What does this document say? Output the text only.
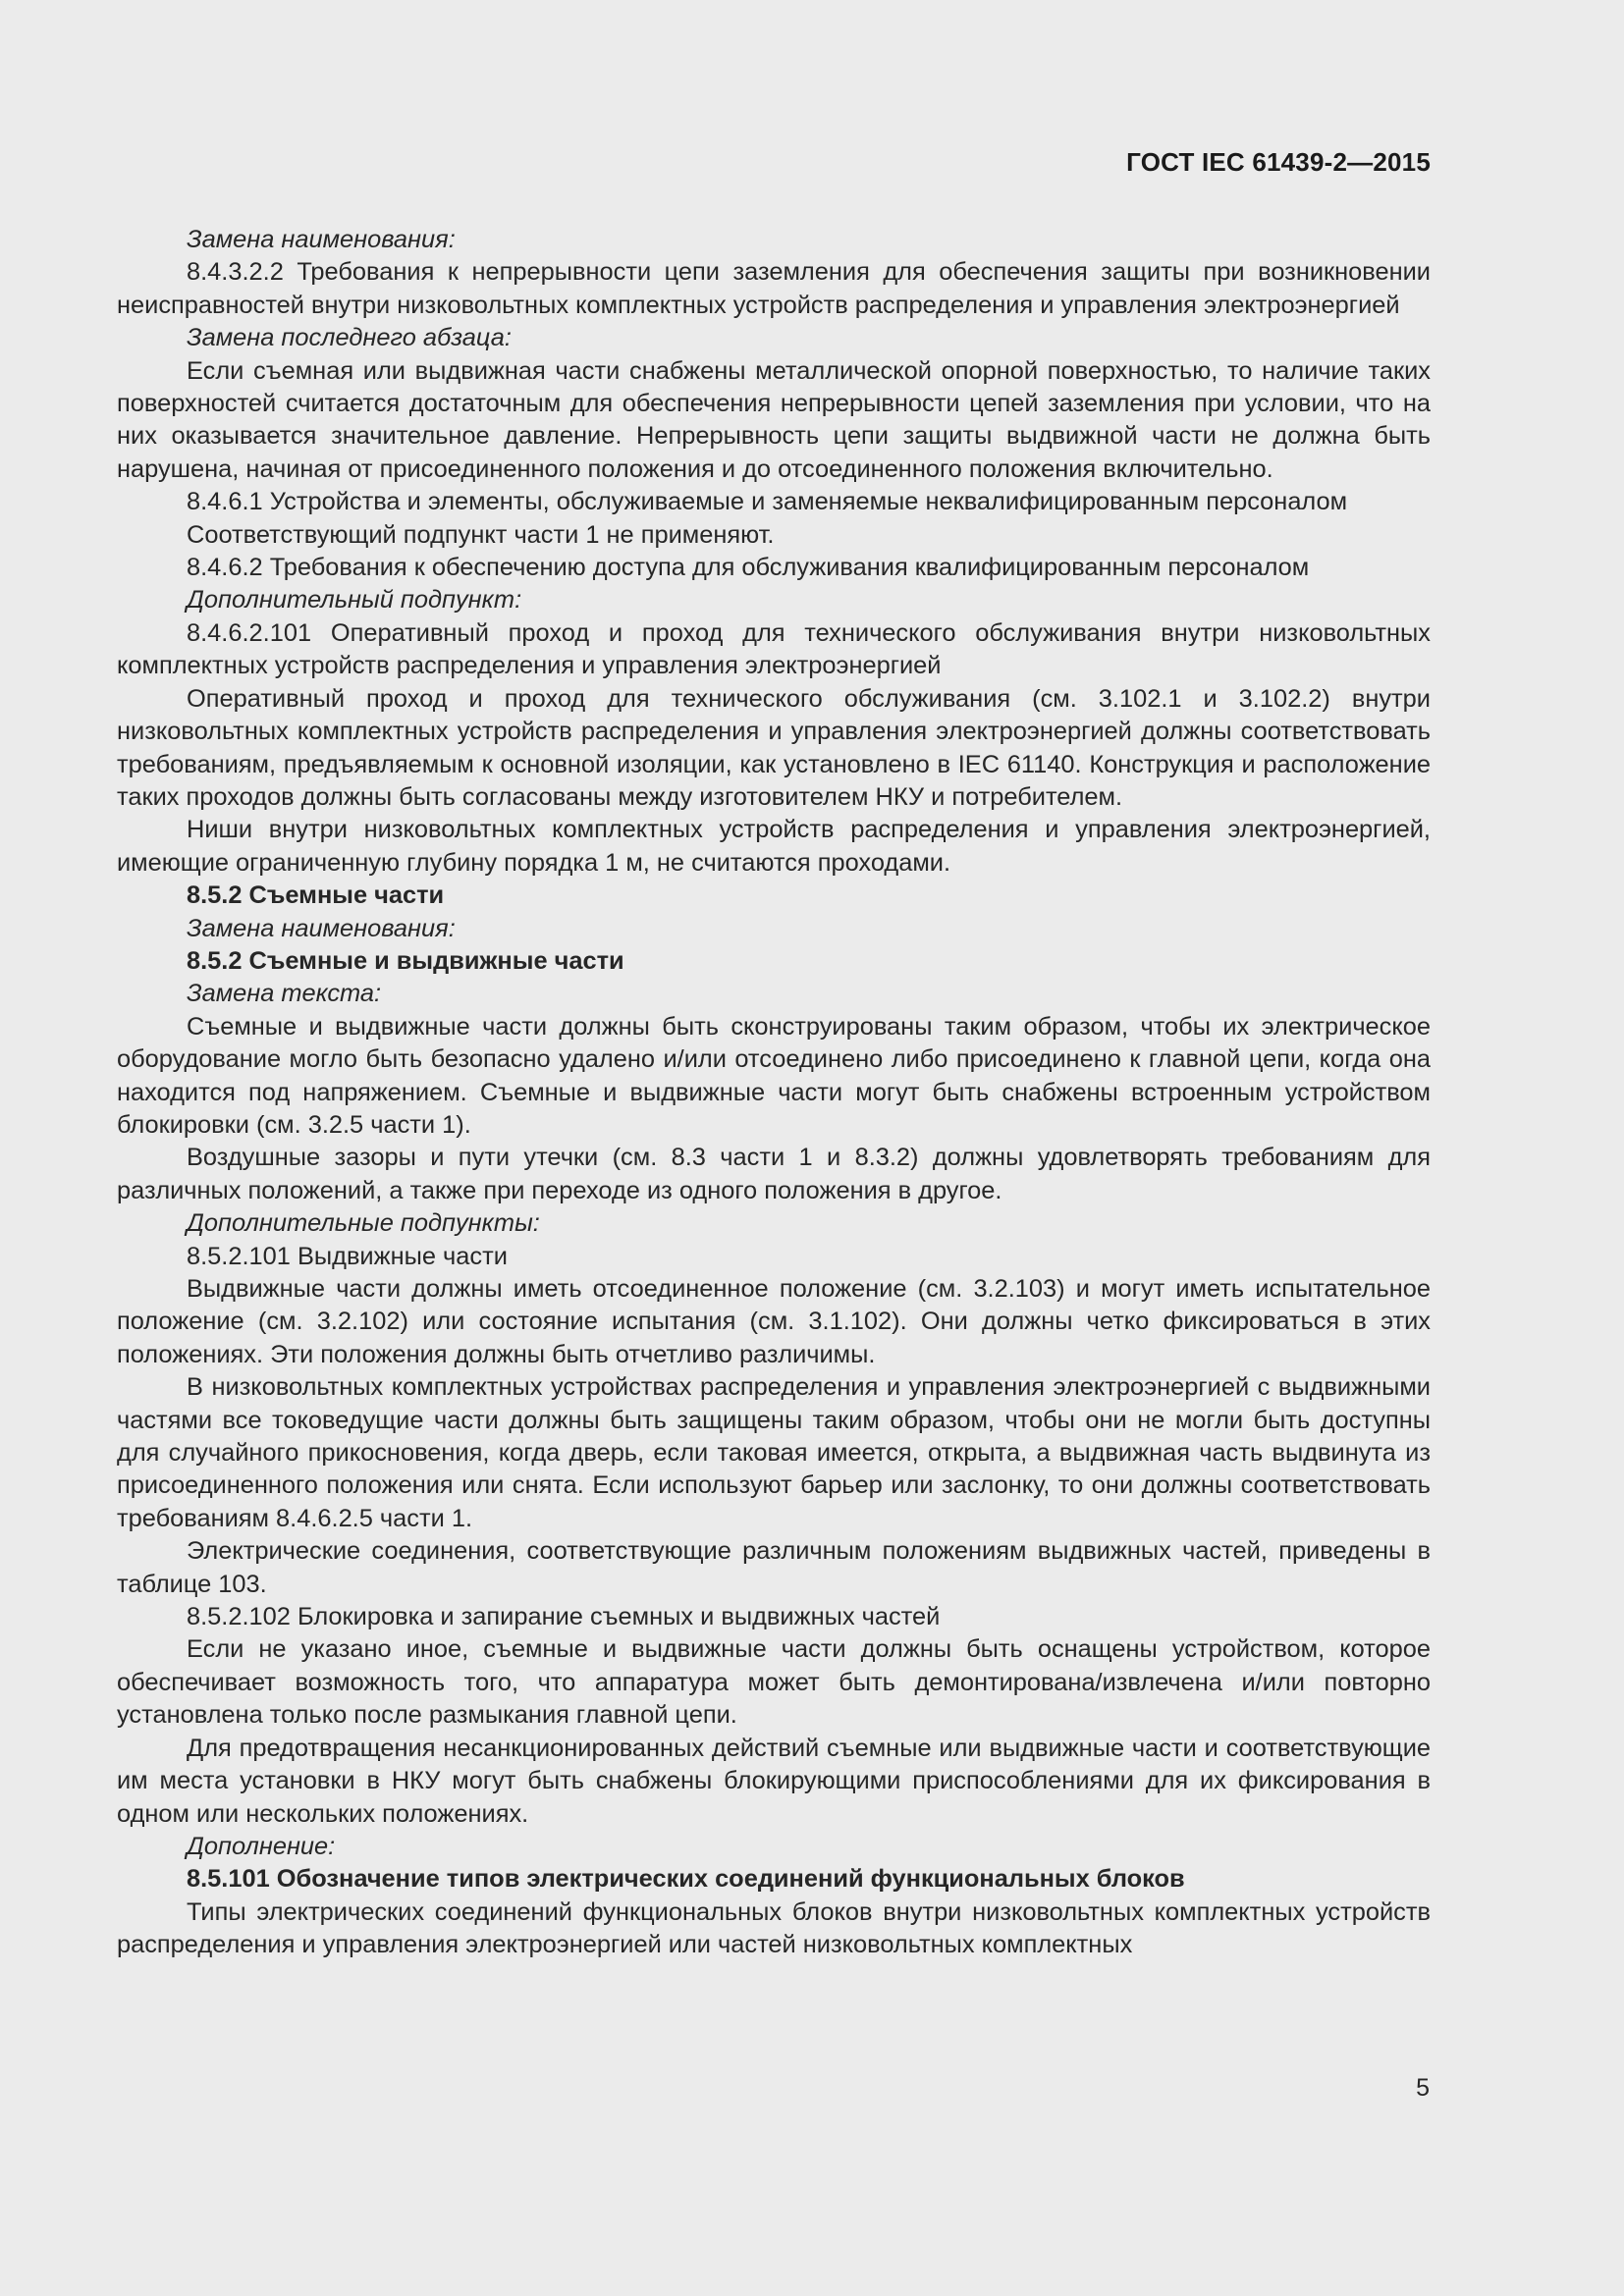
ГОСТ IEC 61439-2—2015

Замена наименования:

8.4.3.2.2 Требования к непрерывности цепи заземления для обеспечения защиты при возникновении неисправностей внутри низковольтных комплектных устройств распределения и управления электроэнергией

Замена последнего абзаца:

Если съемная или выдвижная части снабжены металлической опорной поверхностью, то наличие таких поверхностей считается достаточным для обеспечения непрерывности цепей заземления при условии, что на них оказывается значительное давление. Непрерывность цепи защиты выдвижной части не должна быть нарушена, начиная от присоединенного положения и до отсоединенного положения включительно.

8.4.6.1 Устройства и элементы, обслуживаемые и заменяемые неквалифицированным персоналом

Соответствующий подпункт части 1 не применяют.

8.4.6.2 Требования к обеспечению доступа для обслуживания квалифицированным персоналом

Дополнительный подпункт:

8.4.6.2.101 Оперативный проход и проход для технического обслуживания внутри низковольтных комплектных устройств распределения и управления электроэнергией

Оперативный проход и проход для технического обслуживания (см. 3.102.1 и 3.102.2) внутри низковольтных комплектных устройств распределения и управления электроэнергией должны соответствовать требованиям, предъявляемым к основной изоляции, как установлено в IEC 61140. Конструкция и расположение таких проходов должны быть согласованы между изготовителем НКУ и потребителем.

Ниши внутри низковольтных комплектных устройств распределения и управления электроэнергией, имеющие ограниченную глубину порядка 1 м, не считаются проходами.

8.5.2 Съемные части

Замена наименования:

8.5.2 Съемные и выдвижные части

Замена текста:

Съемные и выдвижные части должны быть сконструированы таким образом, чтобы их электрическое оборудование могло быть безопасно удалено и/или отсоединено либо присоединено к главной цепи, когда она находится под напряжением. Съемные и выдвижные части могут быть снабжены встроенным устройством блокировки (см. 3.2.5 части 1).

Воздушные зазоры и пути утечки (см. 8.3 части 1 и 8.3.2) должны удовлетворять требованиям для различных положений, а также при переходе из одного положения в другое.

Дополнительные подпункты:

8.5.2.101 Выдвижные части

Выдвижные части должны иметь отсоединенное положение (см. 3.2.103) и могут иметь испытательное положение (см. 3.2.102) или состояние испытания (см. 3.1.102). Они должны четко фиксироваться в этих положениях. Эти положения должны быть отчетливо различимы.

В низковольтных комплектных устройствах распределения и управления электроэнергией с выдвижными частями все токоведущие части должны быть защищены таким образом, чтобы они не могли быть доступны для случайного прикосновения, когда дверь, если таковая имеется, открыта, а выдвижная часть выдвинута из присоединенного положения или снята. Если используют барьер или заслонку, то они должны соответствовать требованиям 8.4.6.2.5 части 1.

Электрические соединения, соответствующие различным положениям выдвижных частей, приведены в таблице 103.

8.5.2.102 Блокировка и запирание съемных и выдвижных частей

Если не указано иное, съемные и выдвижные части должны быть оснащены устройством, которое обеспечивает возможность того, что аппаратура может быть демонтирована/извлечена и/или повторно установлена только после размыкания главной цепи.

Для предотвращения несанкционированных действий съемные или выдвижные части и соответствующие им места установки в НКУ могут быть снабжены блокирующими приспособлениями для их фиксирования в одном или нескольких положениях.

Дополнение:

8.5.101 Обозначение типов электрических соединений функциональных блоков

Типы электрических соединений функциональных блоков внутри низковольтных комплектных устройств распределения и управления электроэнергией или частей низковольтных комплектных

5
